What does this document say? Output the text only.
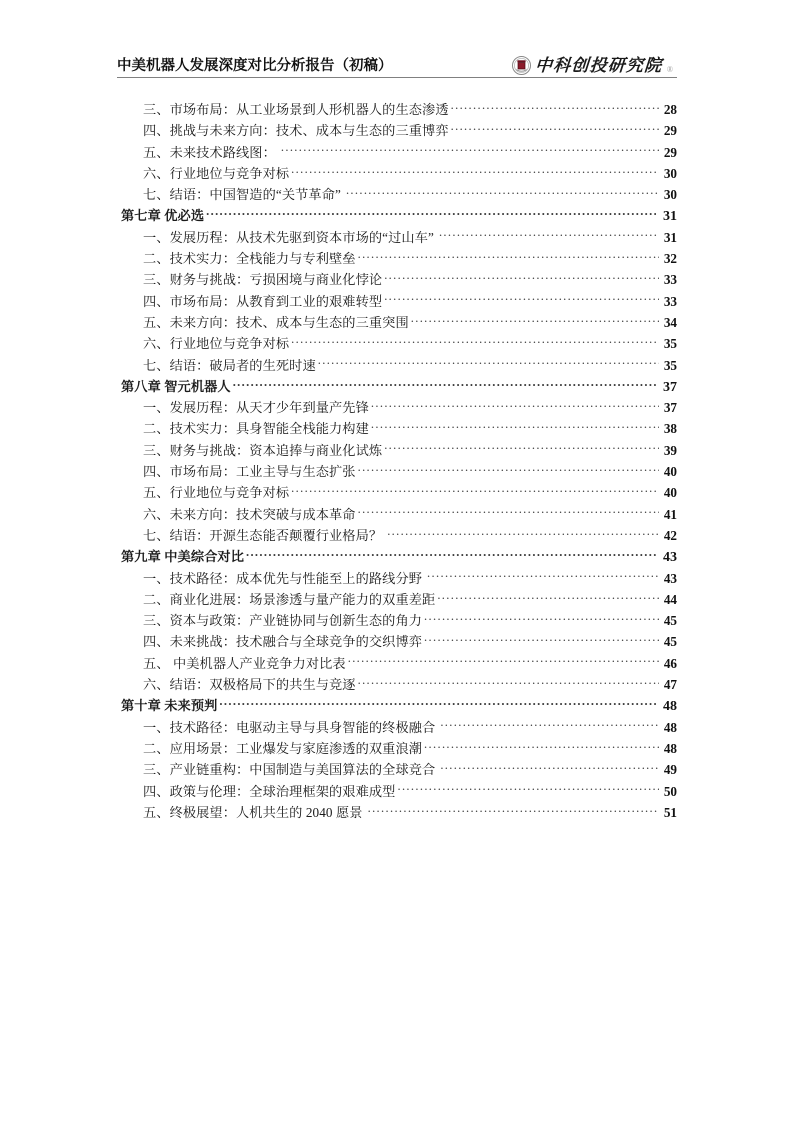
中美机器人发展深度对比分析报告（初稿）	中科创投研究院 ®
三、市场布局：从工业场景到人形机器人的生态渗透 .....	28
四、挑战与未来方向：技术、成本与生态的三重博弈 .....	29
五、未来技术路线图： .....	29
六、行业地位与竞争对标 .....	30
七、结语：中国智造的“关节革命” .....	30
第七章 优必选 .....	31
一、发展历程：从技术先驱到资本市场的“过山车” .....	31
二、技术实力：全栈能力与专利壁垒 .....	32
三、财务与挑战：亏损困境与商业化悖论 .....	33
四、市场布局：从教育到工业的艰难转型 .....	33
五、未来方向：技术、成本与生态的三重突围 .....	34
六、行业地位与竞争对标 .....	35
七、结语：破局者的生死时速 .....	35
第八章 智元机器人 .....	37
一、发展历程：从天才少年到量产先锋 .....	37
二、技术实力：具身智能全栈能力构建 .....	38
三、财务与挑战：资本追捧与商业化试炼 .....	39
四、市场布局：工业主导与生态扩张 .....	40
五、行业地位与竞争对标 .....	40
六、未来方向：技术突破与成本革命 .....	41
七、结语：开源生态能否颠覆行业格局？ .....	42
第九章 中美综合对比 .....	43
一、技术路径：成本优先与性能至上的路线分野 .....	43
二、商业化进展：场景渗透与量产能力的双重差距 .....	44
三、资本与政策：产业链协同与创新生态的角力 .....	45
四、未来挑战：技术融合与全球竞争的交织博弈 .....	45
五、 中美机器人产业竞争力对比表 .....	46
六、结语：双极格局下的共生与竞逐 .....	47
第十章 未来预判 .....	48
一、技术路径：电驱动主导与具身智能的终极融合 .....	48
二、应用场景：工业爆发与家庭渗透的双重浪潮 .....	48
三、产业链重构：中国制造与美国算法的全球竞合 .....	49
四、政策与伦理：全球治理框架的艰难成型 .....	50
五、终极展望：人机共生的 2040 愿景 .....	51
